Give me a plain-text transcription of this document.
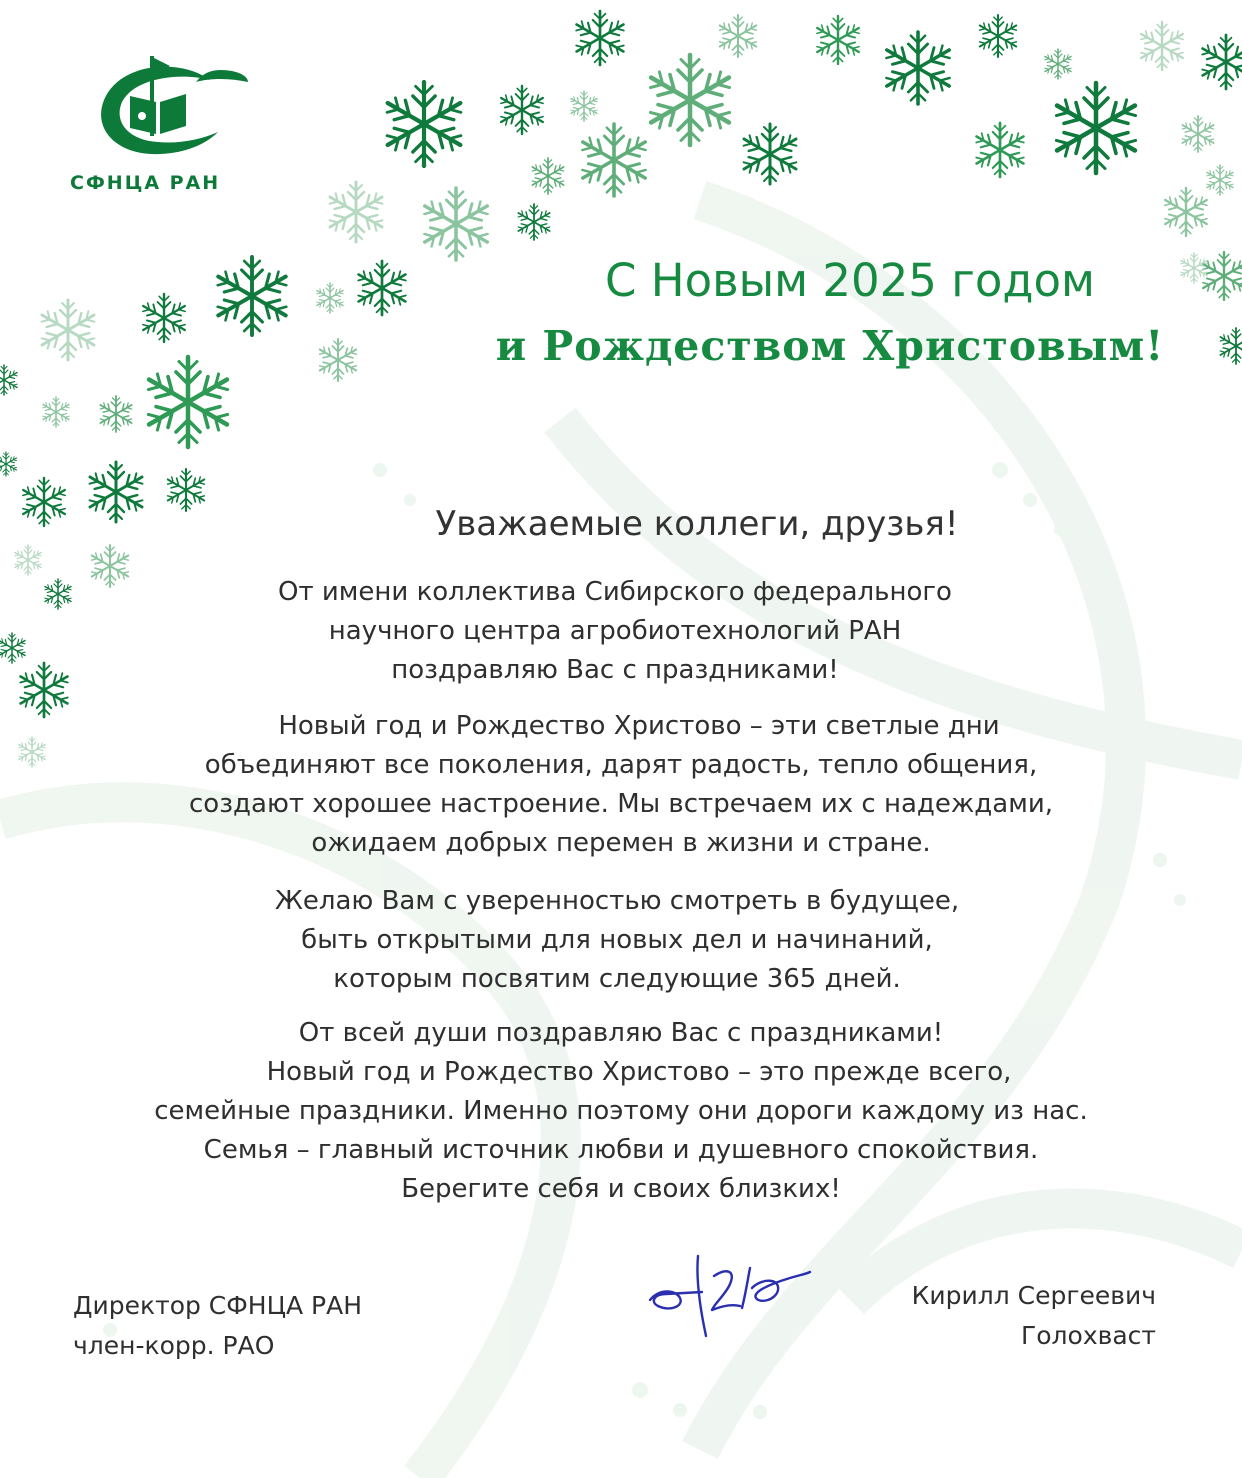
СФНЦА РАН
С Новым 2025 годом
и Рождеством Христовым!
Уважаемые коллеги, друзья!
От имени коллектива Сибирского федерального
научного центра агробиотехнологий РАН
поздравляю Вас с праздниками!
Новый год и Рождество Христово – эти светлые дни
объединяют все поколения, дарят радость, тепло общения,
создают хорошее настроение. Мы встречаем их с надеждами,
ожидаем добрых перемен в жизни и стране.
Желаю Вам с уверенностью смотреть в будущее,
быть открытыми для новых дел и начинаний,
которым посвятим следующие 365 дней.
От всей души поздравляю Вас с праздниками!
Новый год и Рождество Христово – это прежде всего,
семейные праздники. Именно поэтому они дороги каждому из нас.
Семья – главный источник любви и душевного спокойствия.
Берегите себя и своих близких!
Директор СФНЦА РАН
член-корр. РАО
Кирилл Сергеевич
Голохваст
